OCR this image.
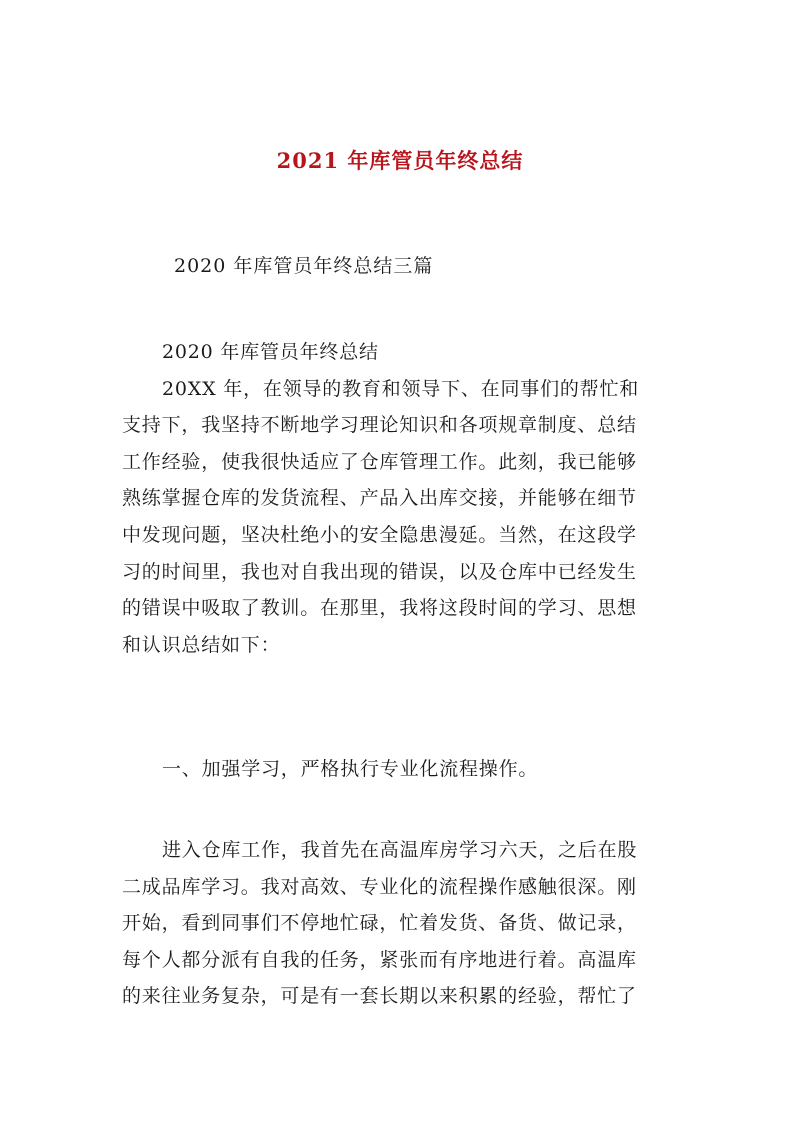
2021 年库管员年终总结
2020 年库管员年终总结三篇
2020 年库管员年终总结
20XX 年，在领导的教育和领导下、在同事们的帮忙和
支持下，我坚持不断地学习理论知识和各项规章制度、总结
工作经验，使我很快适应了仓库管理工作。此刻，我已能够
熟练掌握仓库的发货流程、产品入出库交接，并能够在细节
中发现问题，坚决杜绝小的安全隐患漫延。当然，在这段学
习的时间里，我也对自我出现的错误，以及仓库中已经发生
的错误中吸取了教训。在那里，我将这段时间的学习、思想
和认识总结如下：
一、加强学习，严格执行专业化流程操作。
进入仓库工作，我首先在高温库房学习六天，之后在股
二成品库学习。我对高效、专业化的流程操作感触很深。刚
开始，看到同事们不停地忙碌，忙着发货、备货、做记录，
每个人都分派有自我的任务，紧张而有序地进行着。高温库
的来往业务复杂，可是有一套长期以来积累的经验，帮忙了
